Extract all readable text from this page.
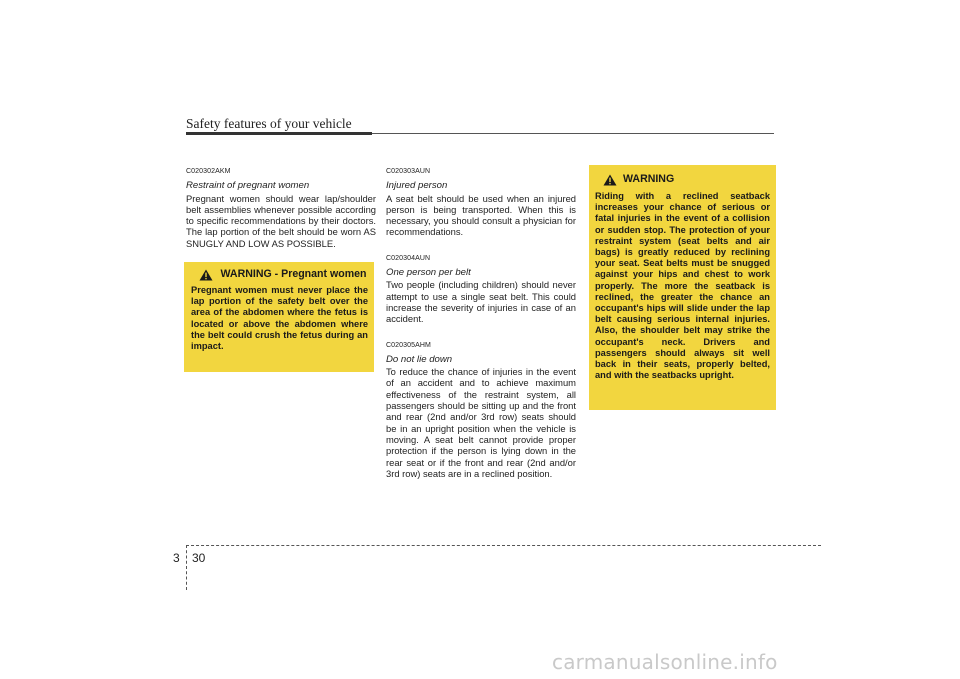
Safety features of your vehicle
C020302AKM
Restraint of pregnant women

Pregnant women should wear lap/shoulder belt assemblies whenever possible according to specific recommendations by their doctors. The lap portion of the belt should be worn AS SNUGLY AND LOW AS POSSIBLE.

WARNING - Pregnant women
Pregnant women must never place the lap portion of the safety belt over the area of the abdomen where the fetus is located or above the abdomen where the belt could crush the fetus during an impact.
C020303AUN
Injured person

A seat belt should be used when an injured person is being transported. When this is necessary, you should consult a physician for recommendations.

C020304AUN
One person per belt

Two people (including children) should never attempt to use a single seat belt. This could increase the severity of injuries in case of an accident.

C020305AHM
Do not lie down

To reduce the chance of injuries in the event of an accident and to achieve maximum effectiveness of the restraint system, all passengers should be sitting up and the front and rear (2nd and/or 3rd row) seats should be in an upright position when the vehicle is moving. A seat belt cannot provide proper protection if the person is lying down in the rear seat or if the front and rear (2nd and/or 3rd row) seats are in a reclined position.

WARNING
Riding with a reclined seatback increases your chance of serious or fatal injuries in the event of a collision or sudden stop. The protection of your restraint system (seat belts and air bags) is greatly reduced by reclining your seat. Seat belts must be snugged against your hips and chest to work properly. The more the seatback is reclined, the greater the chance an occupant's hips will slide under the lap belt causing serious internal injuries. Also, the shoulder belt may strike the occupant's neck. Drivers and passengers should always sit well back in their seats, properly belted, and with the seatbacks upright.
3 30
carmanualsonline.info
